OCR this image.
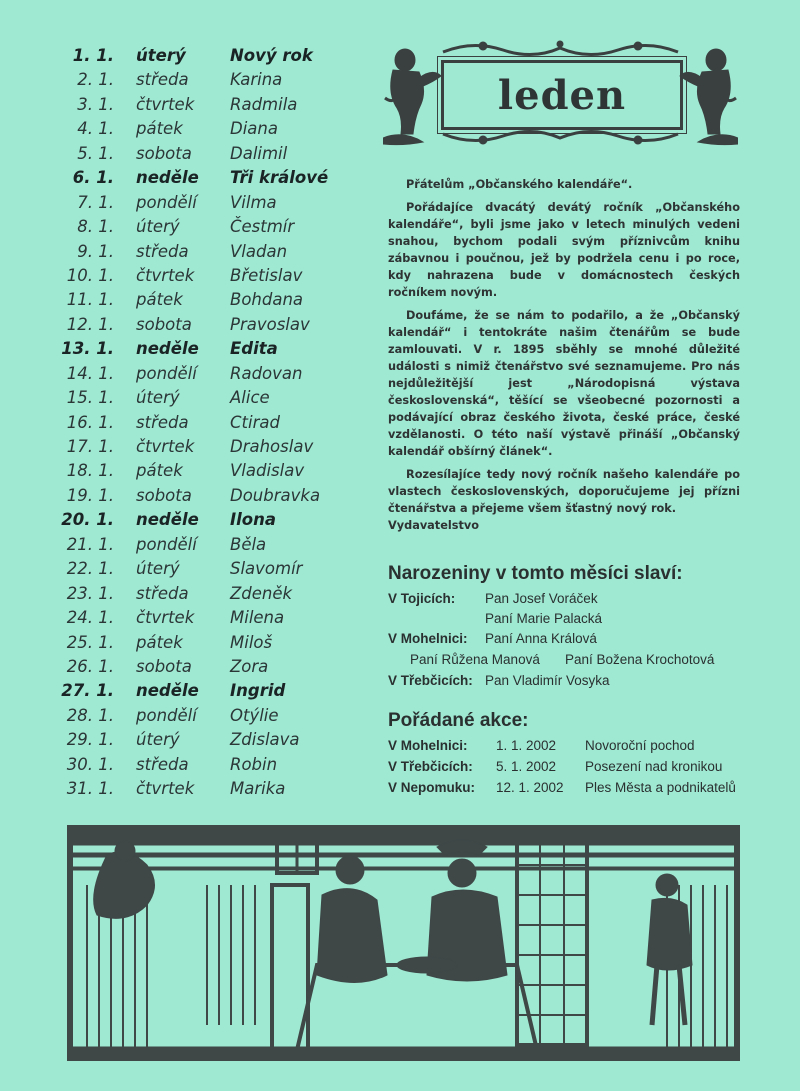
1. 1. úterý	Nový rok
2. 1. středa	Karina
3. 1. čtvrtek Radmila
4. 1. pátek	Diana
5. 1. sobota Dalimil
6. 1. neděle Tři králové
7. 1. pondělí Vilma
8. 1. úterý	Čestmír
9. 1. středa	Vladan
10. 1. čtvrtek Břetislav
11. 1. pátek	Bohdana
12. 1. sobota Pravoslav
13. 1. neděle Edita
14. 1. pondělí Radovan
15. 1. úterý	Alice
16. 1. středa	Ctirad
17. 1. čtvrtek Drahoslav
18. 1. pátek	Vladislav
19. 1. sobota Doubravka
20. 1. neděle Ilona
21. 1. pondělí Běla
22. 1. úterý	Slavomír
23. 1. středa	Zdeněk
24. 1. čtvrtek Milena
25. 1. pátek	Miloš
26. 1. sobota Zora
27. 1. neděle Ingrid
28. 1. pondělí Otýlie
29. 1. úterý	Zdislava
30. 1. středa	Robin
31. 1. čtvrtek Marika
leden

Přátelům „Občanského kalendáře“.

Pořádajíce dvacátý devátý ročník „Občanského kalendáře“, byli jsme jako v letech minulých vedeni snahou, bychom podali svým příznivcům knihu zábavnou i poučnou, jež by podržela cenu i po roce, kdy nahrazena bude v domácnostech českých ročníkem novým.

Doufáme, že se nám to podařilo, a že „Občanský kalendář“ i tentokráte našim čtenářům se bude zamlouvati. V r. 1895 sběhly se mnohé důležité události s nimiž čtenářstvo své seznamujeme. Pro nás nejdůležitější jest „Národopisná výstava československá“, těšící se všeobecné pozornosti a podávající obraz českého života, české práce, české vzdělanosti. O této naší výstavě přináší „Občanský kalendář obšírný článek“.

Rozesílajíce tedy nový ročník našeho kalendáře po vlastech československých, doporučujeme jej přízni čtenářstva a přejeme všem šťastný nový rok.

Vydavatelstvo

Narozeniny v tomto měsíci slaví:
V Tojicích: Pan Josef Voráček
Paní Marie Palacká
V Mohelnici: Paní Anna Králová
Paní Růžena Manová Paní Božena Krochotová
V Třebčicích: Pan Vladimír Vosyka
Pořádané akce:
V Mohelnici: 1. 1. 2002 Novoroční pochod
V Třebčicích: 5. 1. 2002 Posezení nad kronikou
V Nepomuku: 12. 1. 2002 Ples Města a podnikatelů
